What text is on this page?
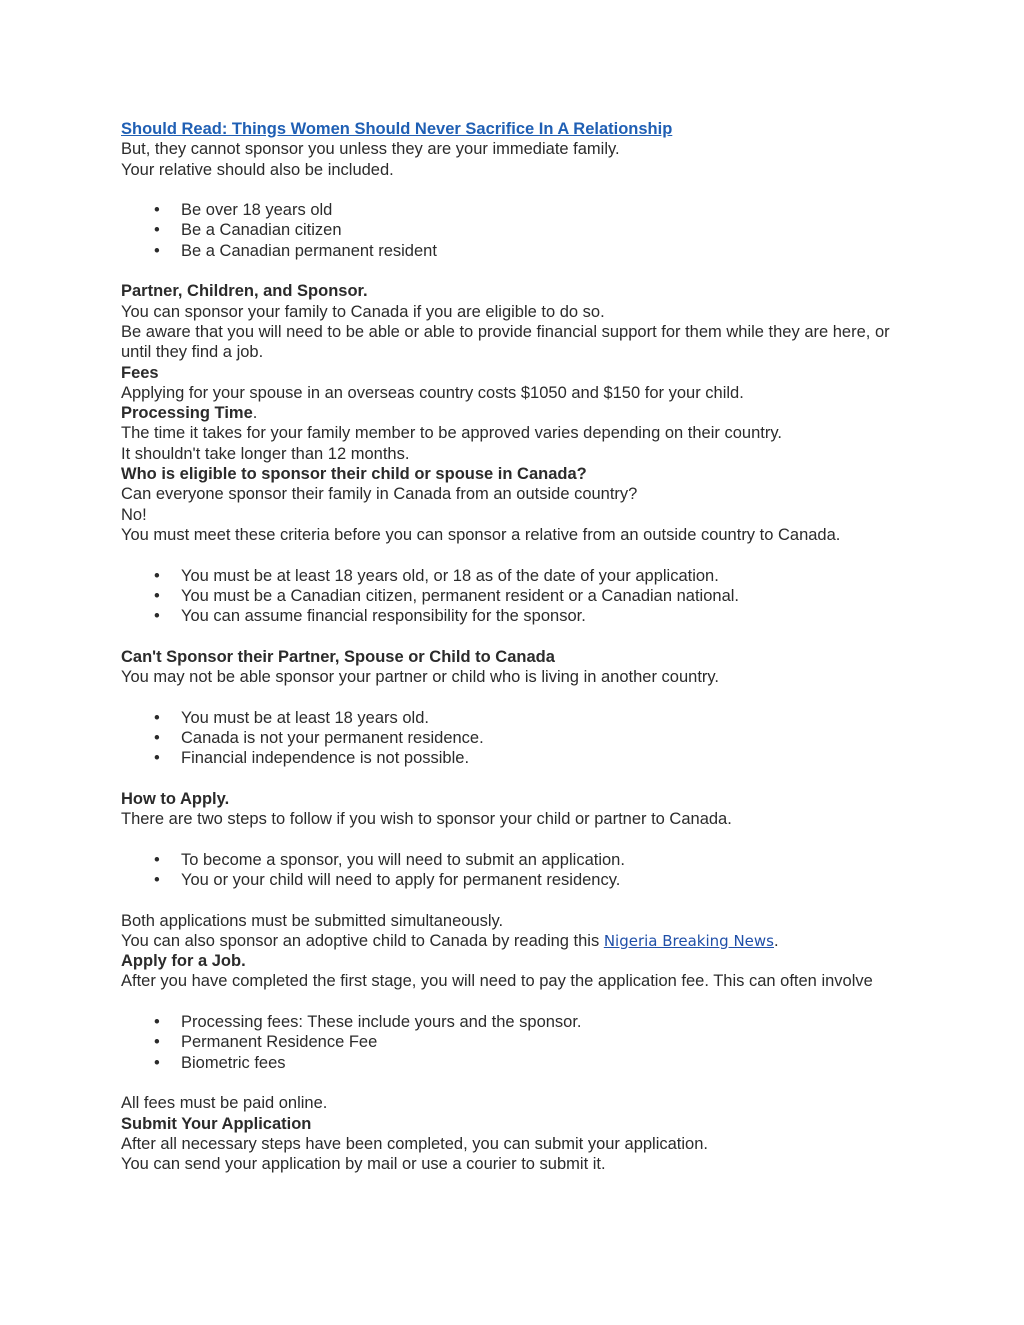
Should Read: Things Women Should Never Sacrifice In A Relationship
But, they cannot sponsor you unless they are your immediate family.
Your relative should also be included.
• Be over 18 years old
• Be a Canadian citizen
• Be a Canadian permanent resident
Partner, Children, and Sponsor.
You can sponsor your family to Canada if you are eligible to do so.
Be aware that you will need to be able or able to provide financial support for them while they are here, or until they find a job.
Fees
Applying for your spouse in an overseas country costs $1050 and $150 for your child.
Processing Time.
The time it takes for your family member to be approved varies depending on their country.
It shouldn't take longer than 12 months.
Who is eligible to sponsor their child or spouse in Canada?
Can everyone sponsor their family in Canada from an outside country?
No!
You must meet these criteria before you can sponsor a relative from an outside country to Canada.
• You must be at least 18 years old, or 18 as of the date of your application.
• You must be a Canadian citizen, permanent resident or a Canadian national.
• You can assume financial responsibility for the sponsor.
Can't Sponsor their Partner, Spouse or Child to Canada
You may not be able sponsor your partner or child who is living in another country.
• You must be at least 18 years old.
• Canada is not your permanent residence.
• Financial independence is not possible.
How to Apply.
There are two steps to follow if you wish to sponsor your child or partner to Canada.
• To become a sponsor, you will need to submit an application.
• You or your child will need to apply for permanent residency.
Both applications must be submitted simultaneously.
You can also sponsor an adoptive child to Canada by reading this Nigeria Breaking News.
Apply for a Job.
After you have completed the first stage, you will need to pay the application fee. This can often involve
• Processing fees: These include yours and the sponsor.
• Permanent Residence Fee
• Biometric fees
All fees must be paid online.
Submit Your Application
After all necessary steps have been completed, you can submit your application.
You can send your application by mail or use a courier to submit it.
